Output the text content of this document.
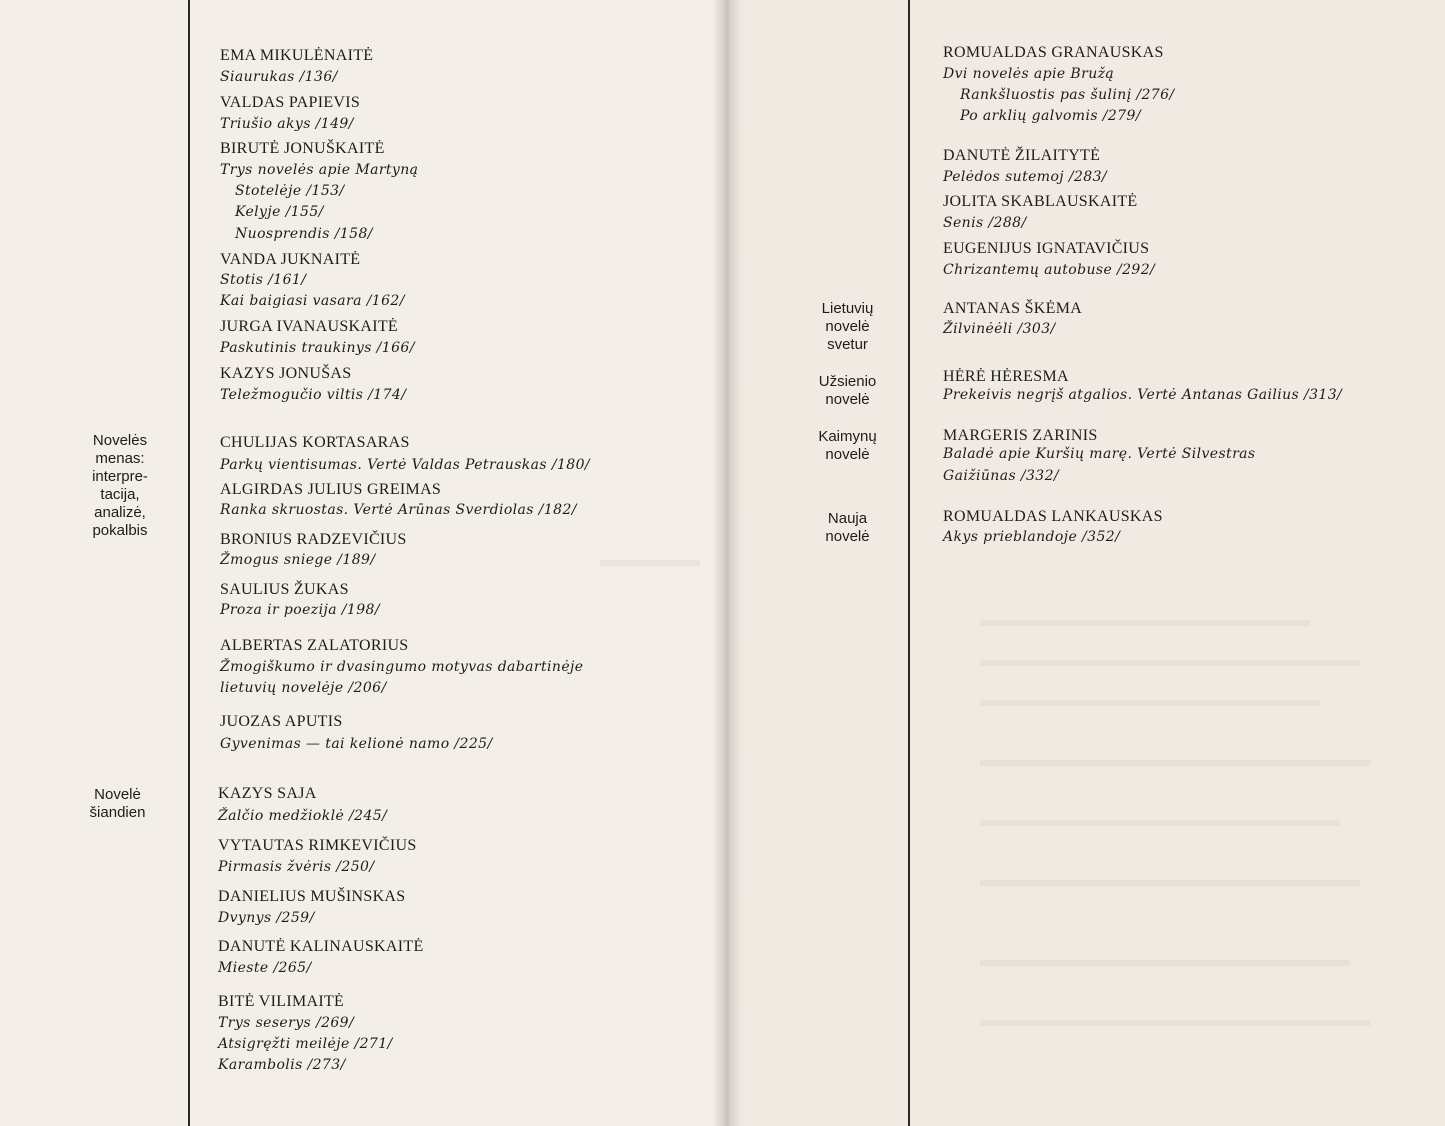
Novelės
menas:
interpre-
tacija,
analizė,
pokalbis
Novelė
šiandien
EMA MIKULĖNAITĖ
Siaurukas /136/
VALDAS PAPIEVIS
Triušio akys /149/
BIRUTĖ JONUŠKAITĖ
Trys novelės apie Martyną
Stotelėje /153/
Kelyje /155/
Nuosprendis /158/
VANDA JUKNAITĖ
Stotis /161/
Kai baigiasi vasara /162/
JURGA IVANAUSKAITĖ
Paskutinis traukinys /166/
KAZYS JONUŠAS
Teležmogučio viltis /174/
CHULIJAS KORTASARAS
Parkų vientisumas. Vertė Valdas Petrauskas /180/
ALGIRDAS JULIUS GREIMAS
Ranka skruostas. Vertė Arūnas Sverdiolas /182/
BRONIUS RADZEVIČIUS
Žmogus sniege /189/
SAULIUS ŽUKAS
Proza ir poezija /198/
ALBERTAS ZALATORIUS
Žmogiškumo ir dvasingumo motyvas dabartinėje
lietuvių novelėje /206/
JUOZAS APUTIS
Gyvenimas — tai kelionė namo /225/
KAZYS SAJA
Žalčio medžioklė /245/
VYTAUTAS RIMKEVIČIUS
Pirmasis žvėris /250/
DANIELIUS MUŠINSKAS
Dvynys /259/
DANUTĖ KALINAUSKAITĖ
Mieste /265/
BITĖ VILIMAITĖ
Trys seserys /269/
Atsigręžti meilėje /271/
Karambolis /273/
Lietuvių
novelė
svetur
Užsienio
novelė
Kaimynų
novelė
Nauja
novelė
ROMUALDAS GRANAUSKAS
Dvi novelės apie Bružą
Rankšluostis pas šulinį /276/
Po arklių galvomis /279/
DANUTĖ ŽILAITYTĖ
Pelėdos sutemoj /283/
JOLITA SKABLAUSKAITĖ
Senis /288/
EUGENIJUS IGNATAVIČIUS
Chrizantemų autobuse /292/
ANTANAS ŠKĖMA
Žilvinėėli /303/
HĖRĖ HĖRESMA
Prekeivis negrįš atgalios. Vertė Antanas Gailius /313/
MARGERIS ZARINIS
Baladė apie Kuršių marę. Vertė Silvestras
Gaižiūnas /332/
ROMUALDAS LANKAUSKAS
Akys prieblandoje /352/
